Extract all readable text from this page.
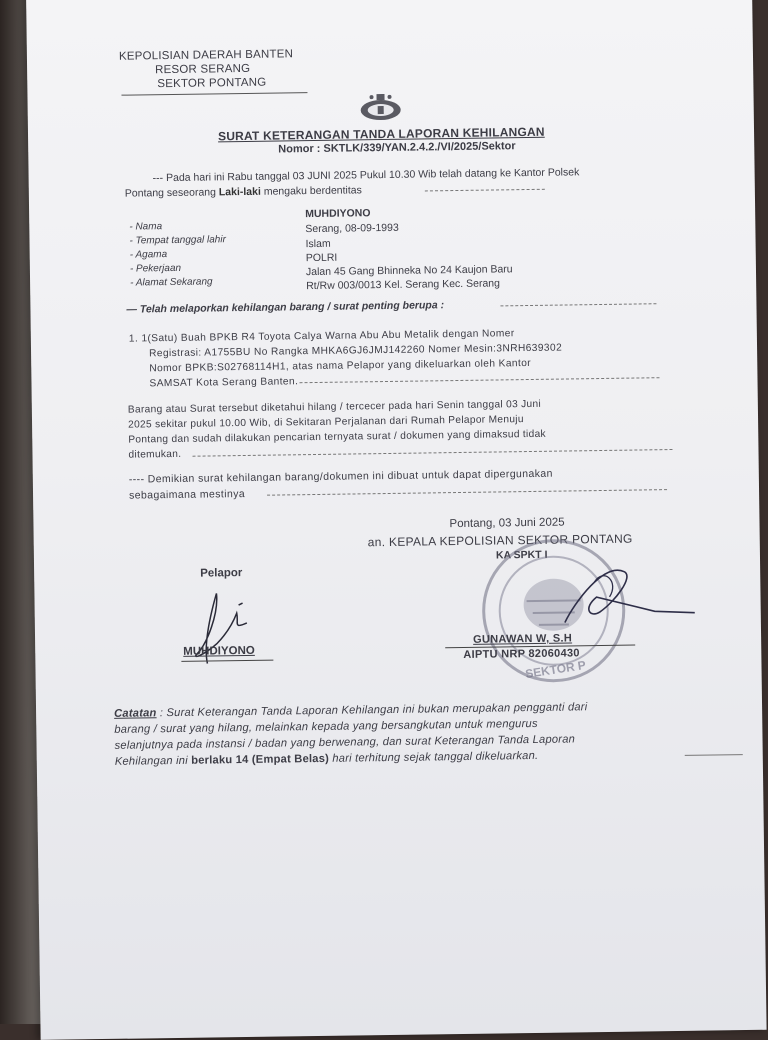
KEPOLISIAN DAERAH BANTEN
RESOR SERANG
SEKTOR PONTANG
SURAT KETERANGAN TANDA LAPORAN KEHILANGAN
Nomor : SKTLK/339/YAN.2.4.2./VI/2025/Sektor
--- Pada hari ini Rabu tanggal 03 JUNI 2025 Pukul 10.30 Wib telah datang ke Kantor Polsek
Pontang seseorang Laki-laki mengaku berdentitas
- Nama
- Tempat tanggal lahir
- Agama
- Pekerjaan
- Alamat Sekarang
MUHDIYONO
Serang, 08-09-1993
Islam
POLRI
Jalan 45 Gang Bhinneka No 24 Kaujon Baru
Rt/Rw 003/0013 Kel. Serang Kec. Serang
— Telah melaporkan kehilangan barang / surat penting berupa :
1. 1(Satu) Buah BPKB R4 Toyota Calya Warna Abu Abu Metalik dengan Nomer
Registrasi: A1755BU No Rangka MHKA6GJ6JMJ142260 Nomer Mesin:3NRH639302
Nomor BPKB:S02768114H1, atas nama Pelapor yang dikeluarkan oleh Kantor
SAMSAT Kota Serang Banten.
Barang atau Surat tersebut diketahui hilang / tercecer pada hari Senin tanggal 03 Juni
2025 sekitar pukul 10.00 Wib, di Sekitaran Perjalanan dari Rumah Pelapor Menuju
Pontang dan sudah dilakukan pencarian ternyata surat / dokumen yang dimaksud tidak
ditemukan.
---- Demikian surat kehilangan barang/dokumen ini dibuat untuk dapat dipergunakan
sebagaimana mestinya
Pontang, 03 Juni 2025
an. KEPALA KEPOLISIAN SEKTOR PONTANG
KA SPKT I
SEKTOR P
Pelapor
MUHDIYONO
GUNAWAN W, S.H
AIPTU NRP 82060430
Catatan : Surat Keterangan Tanda Laporan Kehilangan ini bukan merupakan pengganti dari
barang / surat yang hilang, melainkan kepada yang bersangkutan untuk mengurus
selanjutnya pada instansi / badan yang berwenang, dan surat Keterangan Tanda Laporan
Kehilangan ini berlaku 14 (Empat Belas) hari terhitung sejak tanggal dikeluarkan.
